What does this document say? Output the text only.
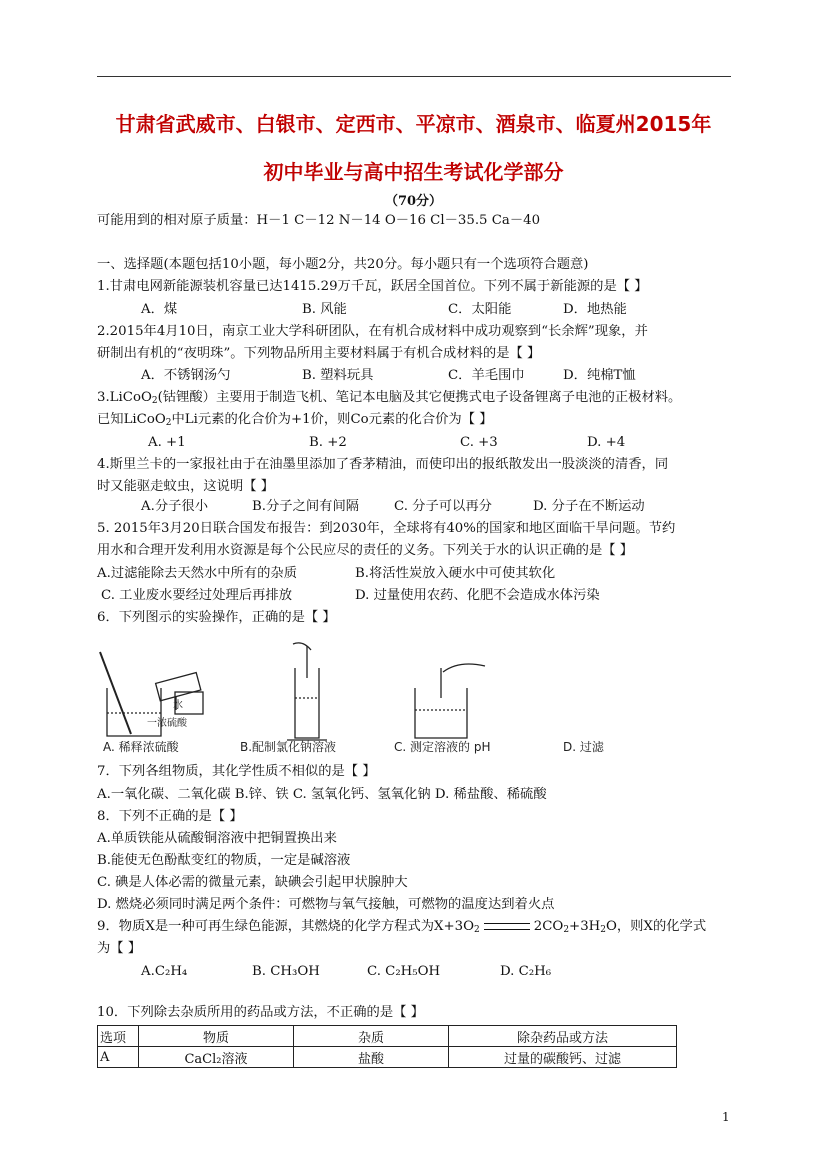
甘肃省武威市、白银市、定西市、平凉市、酒泉市、临夏州2015年
初中毕业与高中招生考试化学部分
（70分）
可能用到的相对原子质量：H－1 C－12 N－14 O－16 Cl－35.5 Ca－40
一、选择题(本题包括10小题，每小题2分，共20分。每小题只有一个选项符合题意)
1.甘肃电网新能源装机容量已达1415.29万千瓦，跃居全国首位。下列不属于新能源的是【 】
A．煤	B. 风能	C．太阳能	D．地热能
2.2015年4月10日，南京工业大学科研团队，在有机合成材料中成功观察到“长余辉”现象，并
研制出有机的“夜明珠”。下列物品所用主要材料属于有机合成材料的是【 】
A．不锈钢汤勺	B. 塑料玩具	C．羊毛围巾	D．纯棉T恤
3.LiCoO$_2$(钴锂酸）主要用于制造飞机、笔记本电脑及其它便携式电子设备锂离子电池的正极材料。
已知LiCoO$_2$中Li元素的化合价为+1价，则Co元素的化合价为【 】
A. +1	B. +2	C. +3	D. +4
4.斯里兰卡的一家报社由于在油墨里添加了香茅精油，而使印出的报纸散发出一股淡淡的清香，同
时又能驱走蚊虫，这说明【 】
A.分子很小	B.分子之间有间隔	C. 分子可以再分	D. 分子在不断运动
5. 2015年3月20日联合国发布报告：到2030年，全球将有40%的国家和地区面临干旱问题。节约
用水和合理开发利用水资源是每个公民应尽的责任的义务。下列关于水的认识正确的是【 】
A.过滤能除去天然水中所有的杂质	B.将活性炭放入硬水中可使其软化
C. 工业废水要经过处理后再排放	D. 过量使用农药、化肥不会造成水体污染
6．下列图示的实验操作，正确的是【 】
水
一浓硫酸
A. 稀释浓硫酸	B.配制氯化钠溶液	C. 测定溶液的 pH	D. 过滤
7．下列各组物质，其化学性质不相似的是【 】
A.一氧化碳、二氧化碳 B.锌、铁 C. 氢氧化钙、氢氧化钠 D. 稀盐酸、稀硫酸
8．下列不正确的是【 】
A.单质铁能从硫酸铜溶液中把铜置换出来
B.能使无色酚酞变红的物质，一定是碱溶液
C. 碘是人体必需的微量元素，缺碘会引起甲状腺肿大
D. 燃烧必须同时满足两个条件：可燃物与氧气接触，可燃物的温度达到着火点
9．物质X是一种可再生绿色能源，其燃烧的化学方程式为$X+3O_2$	$2CO_2+3H_2O$，则X的化学式
为【 】
A.C₂H₄	B. CH₃OH	C. C₂H₅OH	D. C₂H₆
10．下列除去杂质所用的药品或方法，不正确的是【 】
选项	物质	杂质	除杂药品或方法
A	CaCl₂溶液	盐酸	过量的碳酸钙、过滤
1
